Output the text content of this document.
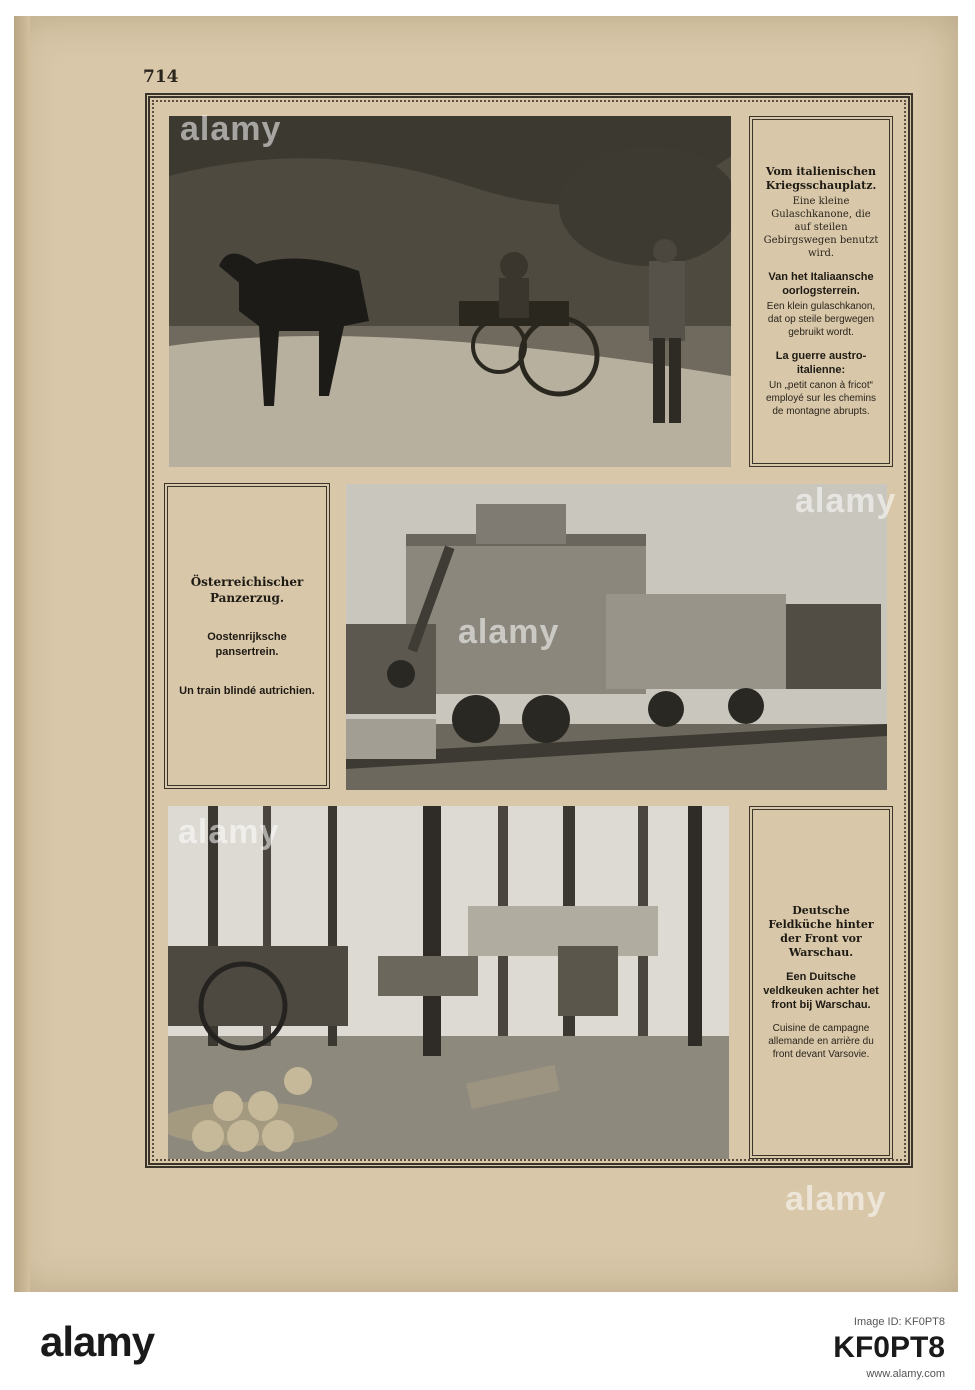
714
alamy

Vom italienischen Kriegsschauplatz.

Eine kleine Gulaschkanone, die auf steilen Gebirgswegen benutzt wird.

Van het Italiaansche oorlogsterrein.

Een klein gulaschkanon, dat op steile bergwegen gebruikt wordt.

La guerre austro-italienne:

Un „petit canon à fricot“ employé sur les chemins de montagne abrupts.

Österreichischer Panzerzug.

Oostenrijksche pansertrein.

Un train blindé autrichien.

alamy
alamy

Deutsche Feldküche hinter der Front vor Warschau.

Een Duitsche veldkeuken achter het front bij Warschau.

Cuisine de campagne allemande en arrière du front devant Varsovie.

alamy
alamy
alamy	Image ID: KF0PT8
KF0PT8
www.alamy.com
